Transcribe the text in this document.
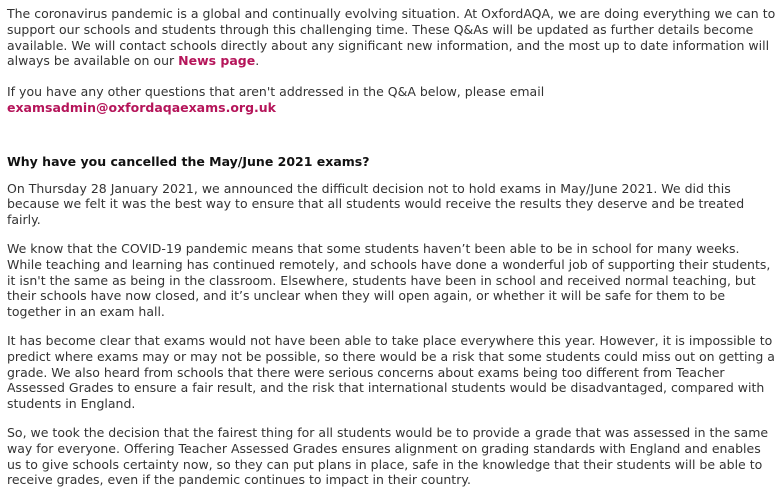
The coronavirus pandemic is a global and continually evolving situation. At OxfordAQA, we are doing everything we can to support our schools and students through this challenging time. These Q&As will be updated as further details become available. We will contact schools directly about any significant new information, and the most up to date information will always be available on our News page.

If you have any other questions that aren't addressed in the Q&A below, please email
examsadmin@oxfordaqaexams.org.uk

Why have you cancelled the May/June 2021 exams?

On Thursday 28 January 2021, we announced the difficult decision not to hold exams in May/June 2021. We did this because we felt it was the best way to ensure that all students would receive the results they deserve and be treated fairly.

We know that the COVID-19 pandemic means that some students haven’t been able to be in school for many weeks. While teaching and learning has continued remotely, and schools have done a wonderful job of supporting their students, it isn't the same as being in the classroom. Elsewhere, students have been in school and received normal teaching, but their schools have now closed, and it’s unclear when they will open again, or whether it will be safe for them to be together in an exam hall.

It has become clear that exams would not have been able to take place everywhere this year. However, it is impossible to predict where exams may or may not be possible, so there would be a risk that some students could miss out on getting a grade. We also heard from schools that there were serious concerns about exams being too different from Teacher Assessed Grades to ensure a fair result, and the risk that international students would be disadvantaged, compared with students in England.

So, we took the decision that the fairest thing for all students would be to provide a grade that was assessed in the same way for everyone. Offering Teacher Assessed Grades ensures alignment on grading standards with England and enables us to give schools certainty now, so they can put plans in place, safe in the knowledge that their students will be able to receive grades, even if the pandemic continues to impact in their country.
